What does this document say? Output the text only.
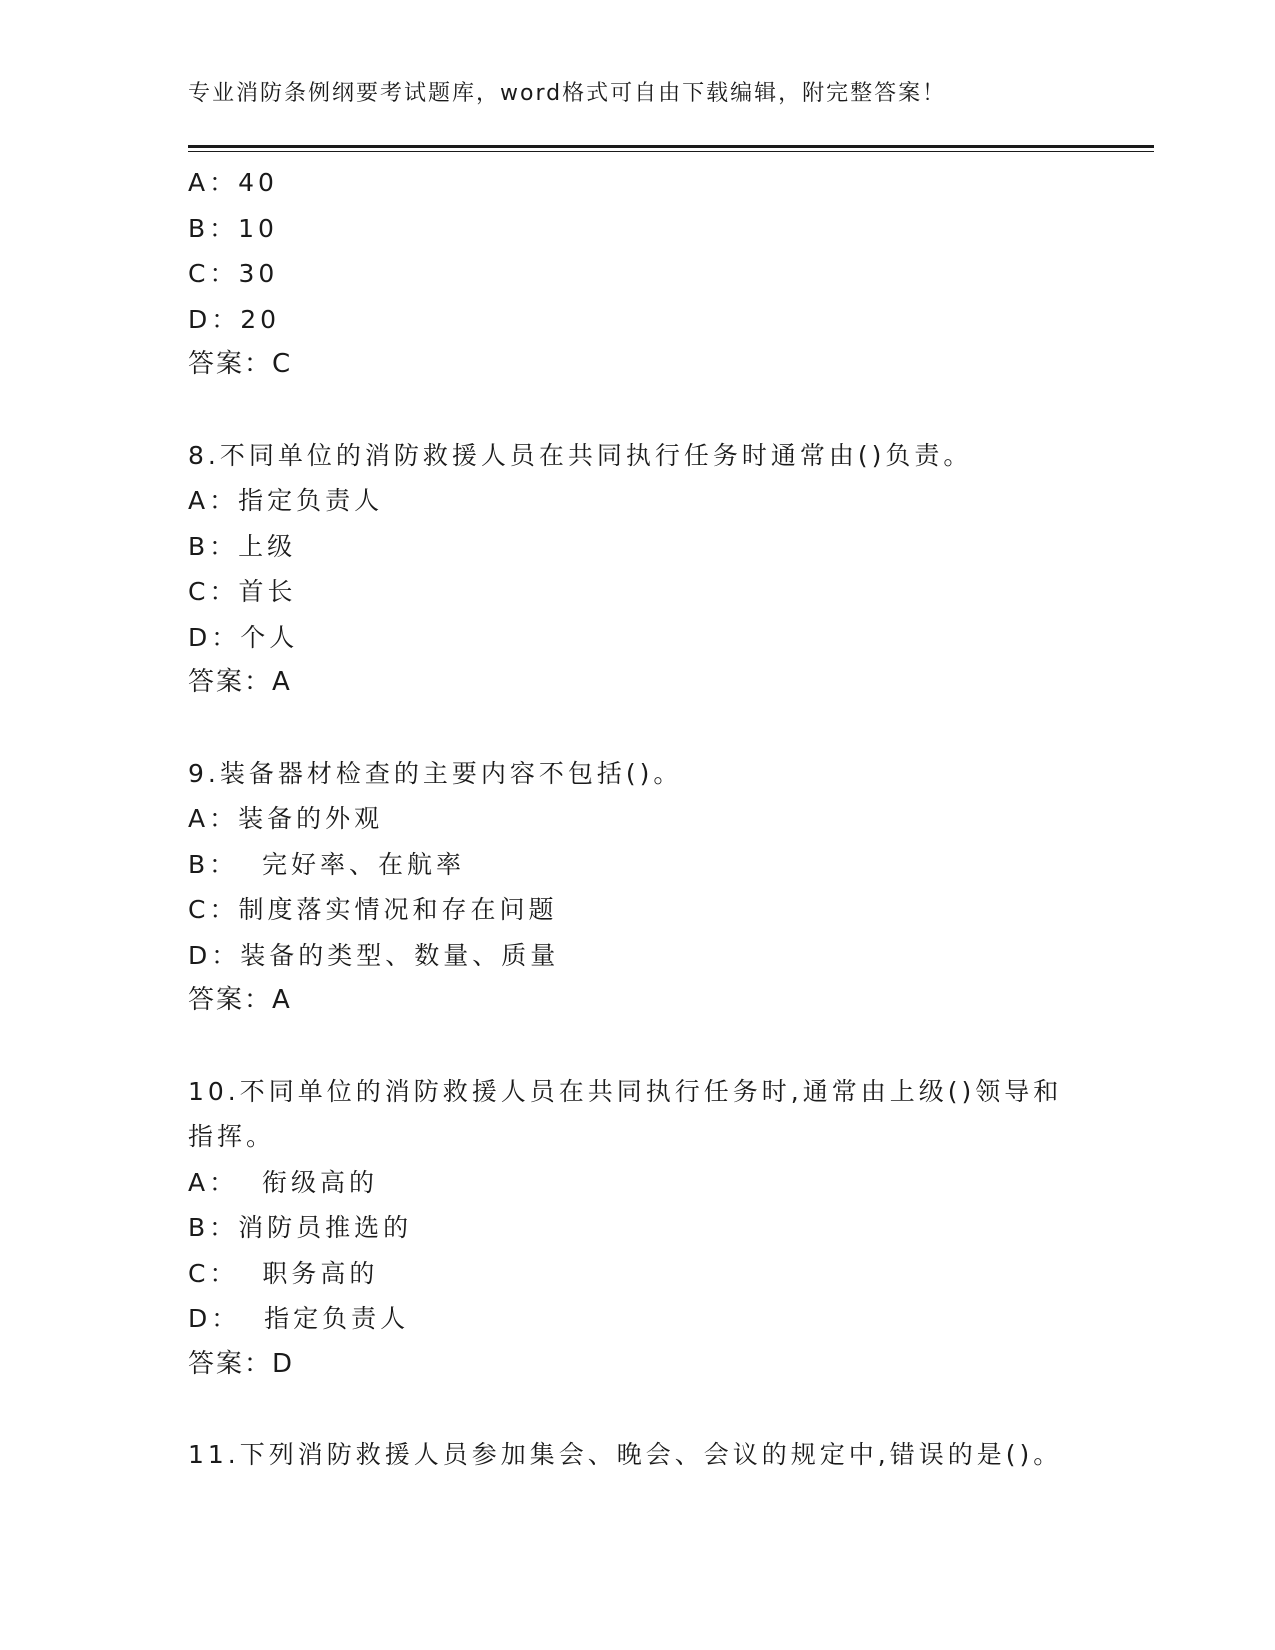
专业消防条例纲要考试题库，word格式可自由下载编辑，附完整答案！
A：40
B：10
C：30
D：20
答案：C
8.不同单位的消防救援人员在共同执行任务时通常由()负责。
A：指定负责人
B：上级
C：首长
D：个人
答案：A
9.装备器材检查的主要内容不包括()。
A：装备的外观
B：  完好率、在航率
C：制度落实情况和存在问题
D：装备的类型、数量、质量
答案：A
10.不同单位的消防救援人员在共同执行任务时,通常由上级()领导和指挥。
A：  衔级高的
B：消防员推选的
C：  职务高的
D：  指定负责人
答案：D
11.下列消防救援人员参加集会、晚会、会议的规定中,错误的是()。
